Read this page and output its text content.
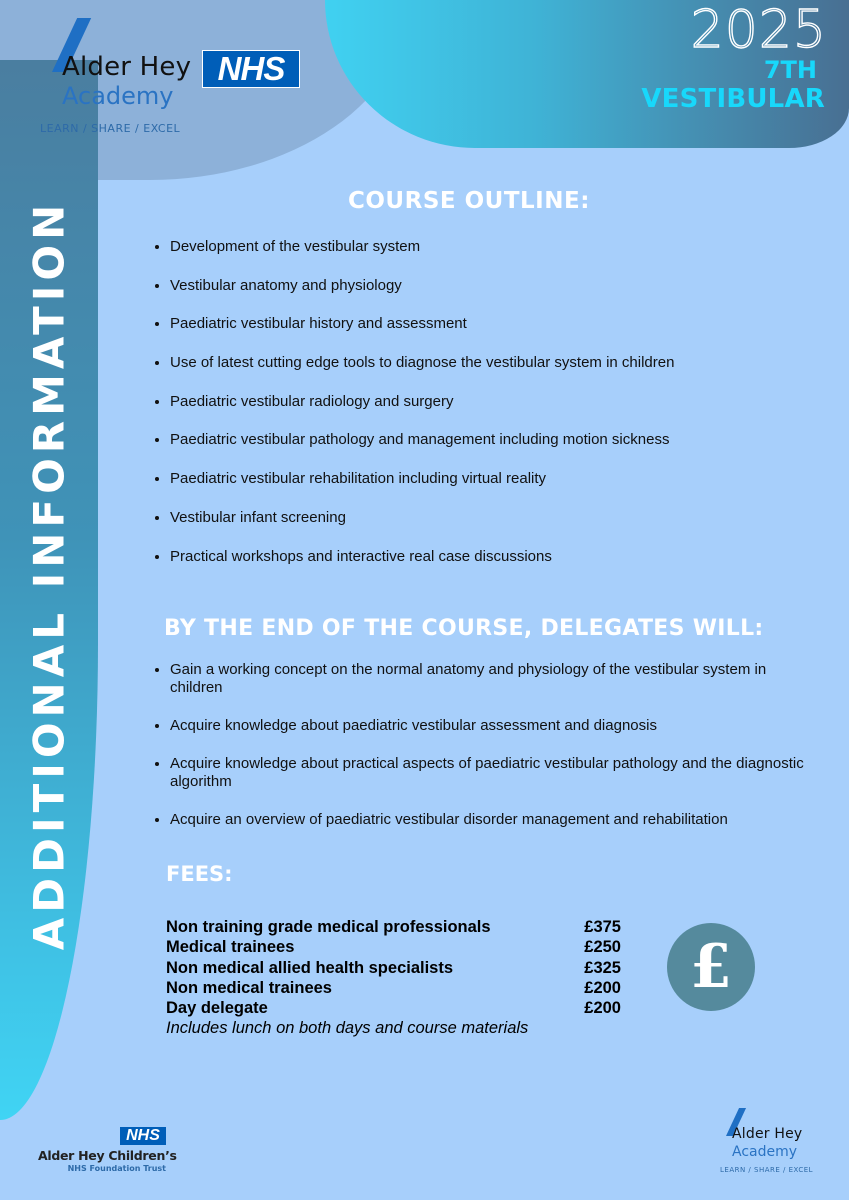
Alder Hey
Academy
LEARN / SHARE / EXCEL
NHS
2025
7TH
VESTIBULAR
ADDITIONAL INFORMATION	COURSE OUTLINE:
Development of the vestibular system
Vestibular anatomy and physiology
Paediatric vestibular history and assessment
Use of latest cutting edge tools to diagnose the vestibular system in children
Paediatric vestibular radiology and surgery
Paediatric vestibular pathology and management including motion sickness
Paediatric vestibular rehabilitation including virtual reality
Vestibular infant screening
Practical workshops and interactive real case discussions
BY THE END OF THE COURSE, DELEGATES WILL:
Gain a working concept on the normal anatomy and physiology of the vestibular system in children
Acquire knowledge about paediatric vestibular assessment and diagnosis
Acquire knowledge about practical aspects of paediatric vestibular pathology and the diagnostic algorithm
Acquire an overview of paediatric vestibular disorder management and rehabilitation
FEES:
Non training grade medical professionals	£375
Medical trainees	£250
Non medical allied health specialists	£325
Non medical trainees	£200
Day delegate	£200
Includes lunch on both days and course materials
£
NHS
Alder Hey Children’s
NHS Foundation Trust
Alder Hey
Academy
LEARN / SHARE / EXCEL
